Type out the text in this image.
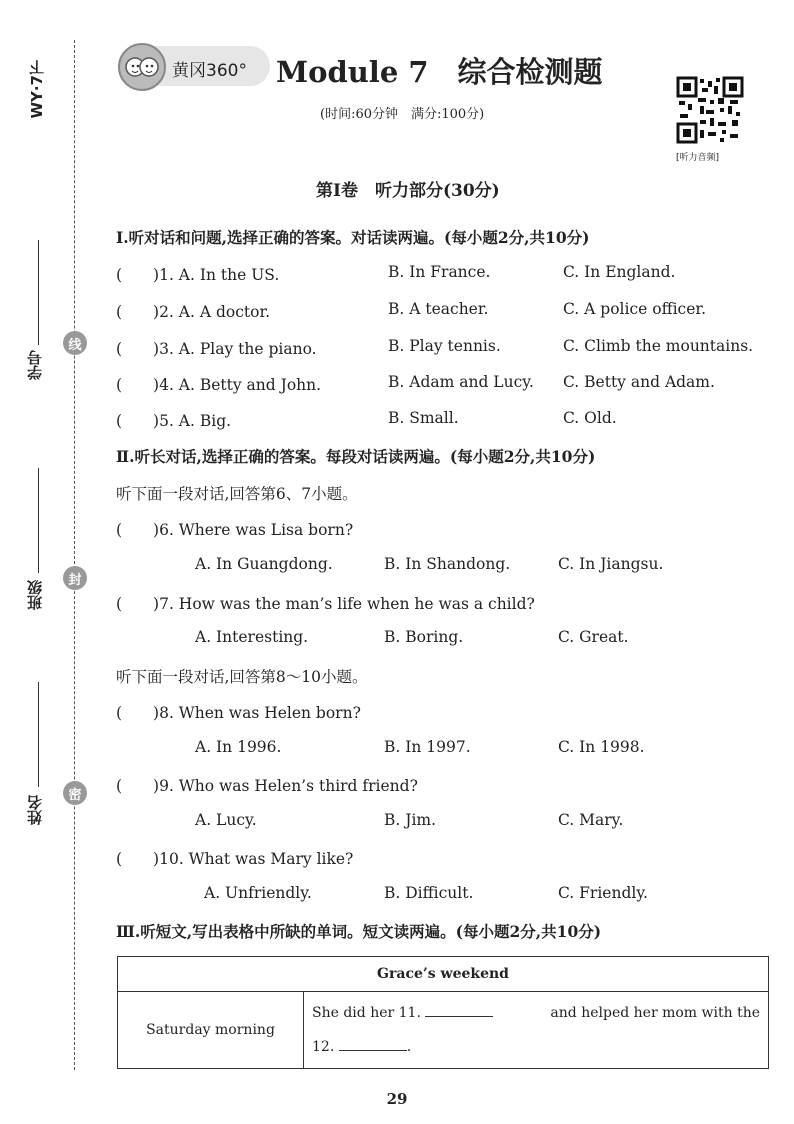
WY·7下
学号
班级
姓名
线
封
密
黄冈360° Module 7　综合检测题
(时间:60分钟　满分:100分)
[听力音频]
第Ⅰ卷　听力部分(30分)
Ⅰ.听对话和问题,选择正确的答案。对话读两遍。(每小题2分,共10分)
(　　)1. A. In the US.	B. In France.	C. In England.
(　　)2. A. A doctor.	B. A teacher.	C. A police officer.
(　　)3. A. Play the piano.	B. Play tennis.	C. Climb the mountains.
(　　)4. A. Betty and John.	B. Adam and Lucy. C. Betty and Adam.
(　　)5. A. Big.	B. Small.	C. Old.
Ⅱ.听长对话,选择正确的答案。每段对话读两遍。(每小题2分,共10分)
听下面一段对话,回答第6、7小题。
(　　)6. Where was Lisa born?
A. In Guangdong.	B. In Shandong.	C. In Jiangsu.
(　　)7. How was the man’s life when he was a child?
A. Interesting.	B. Boring.	C. Great.
听下面一段对话,回答第8～10小题。
(　　)8. When was Helen born?
A. In 1996.	B. In 1997.	C. In 1998.
(　　)9. Who was Helen’s third friend?
A. Lucy.	B. Jim.	C. Mary.
(　　)10. What was Mary like?
A. Unfriendly.	B. Difficult.	C. Friendly.
Ⅲ.听短文,写出表格中所缺的单词。短文读两遍。(每小题2分,共10分)
Grace’s weekend
Saturday morning	
She did her 11.	and helped her mom with the
12.	.
29
